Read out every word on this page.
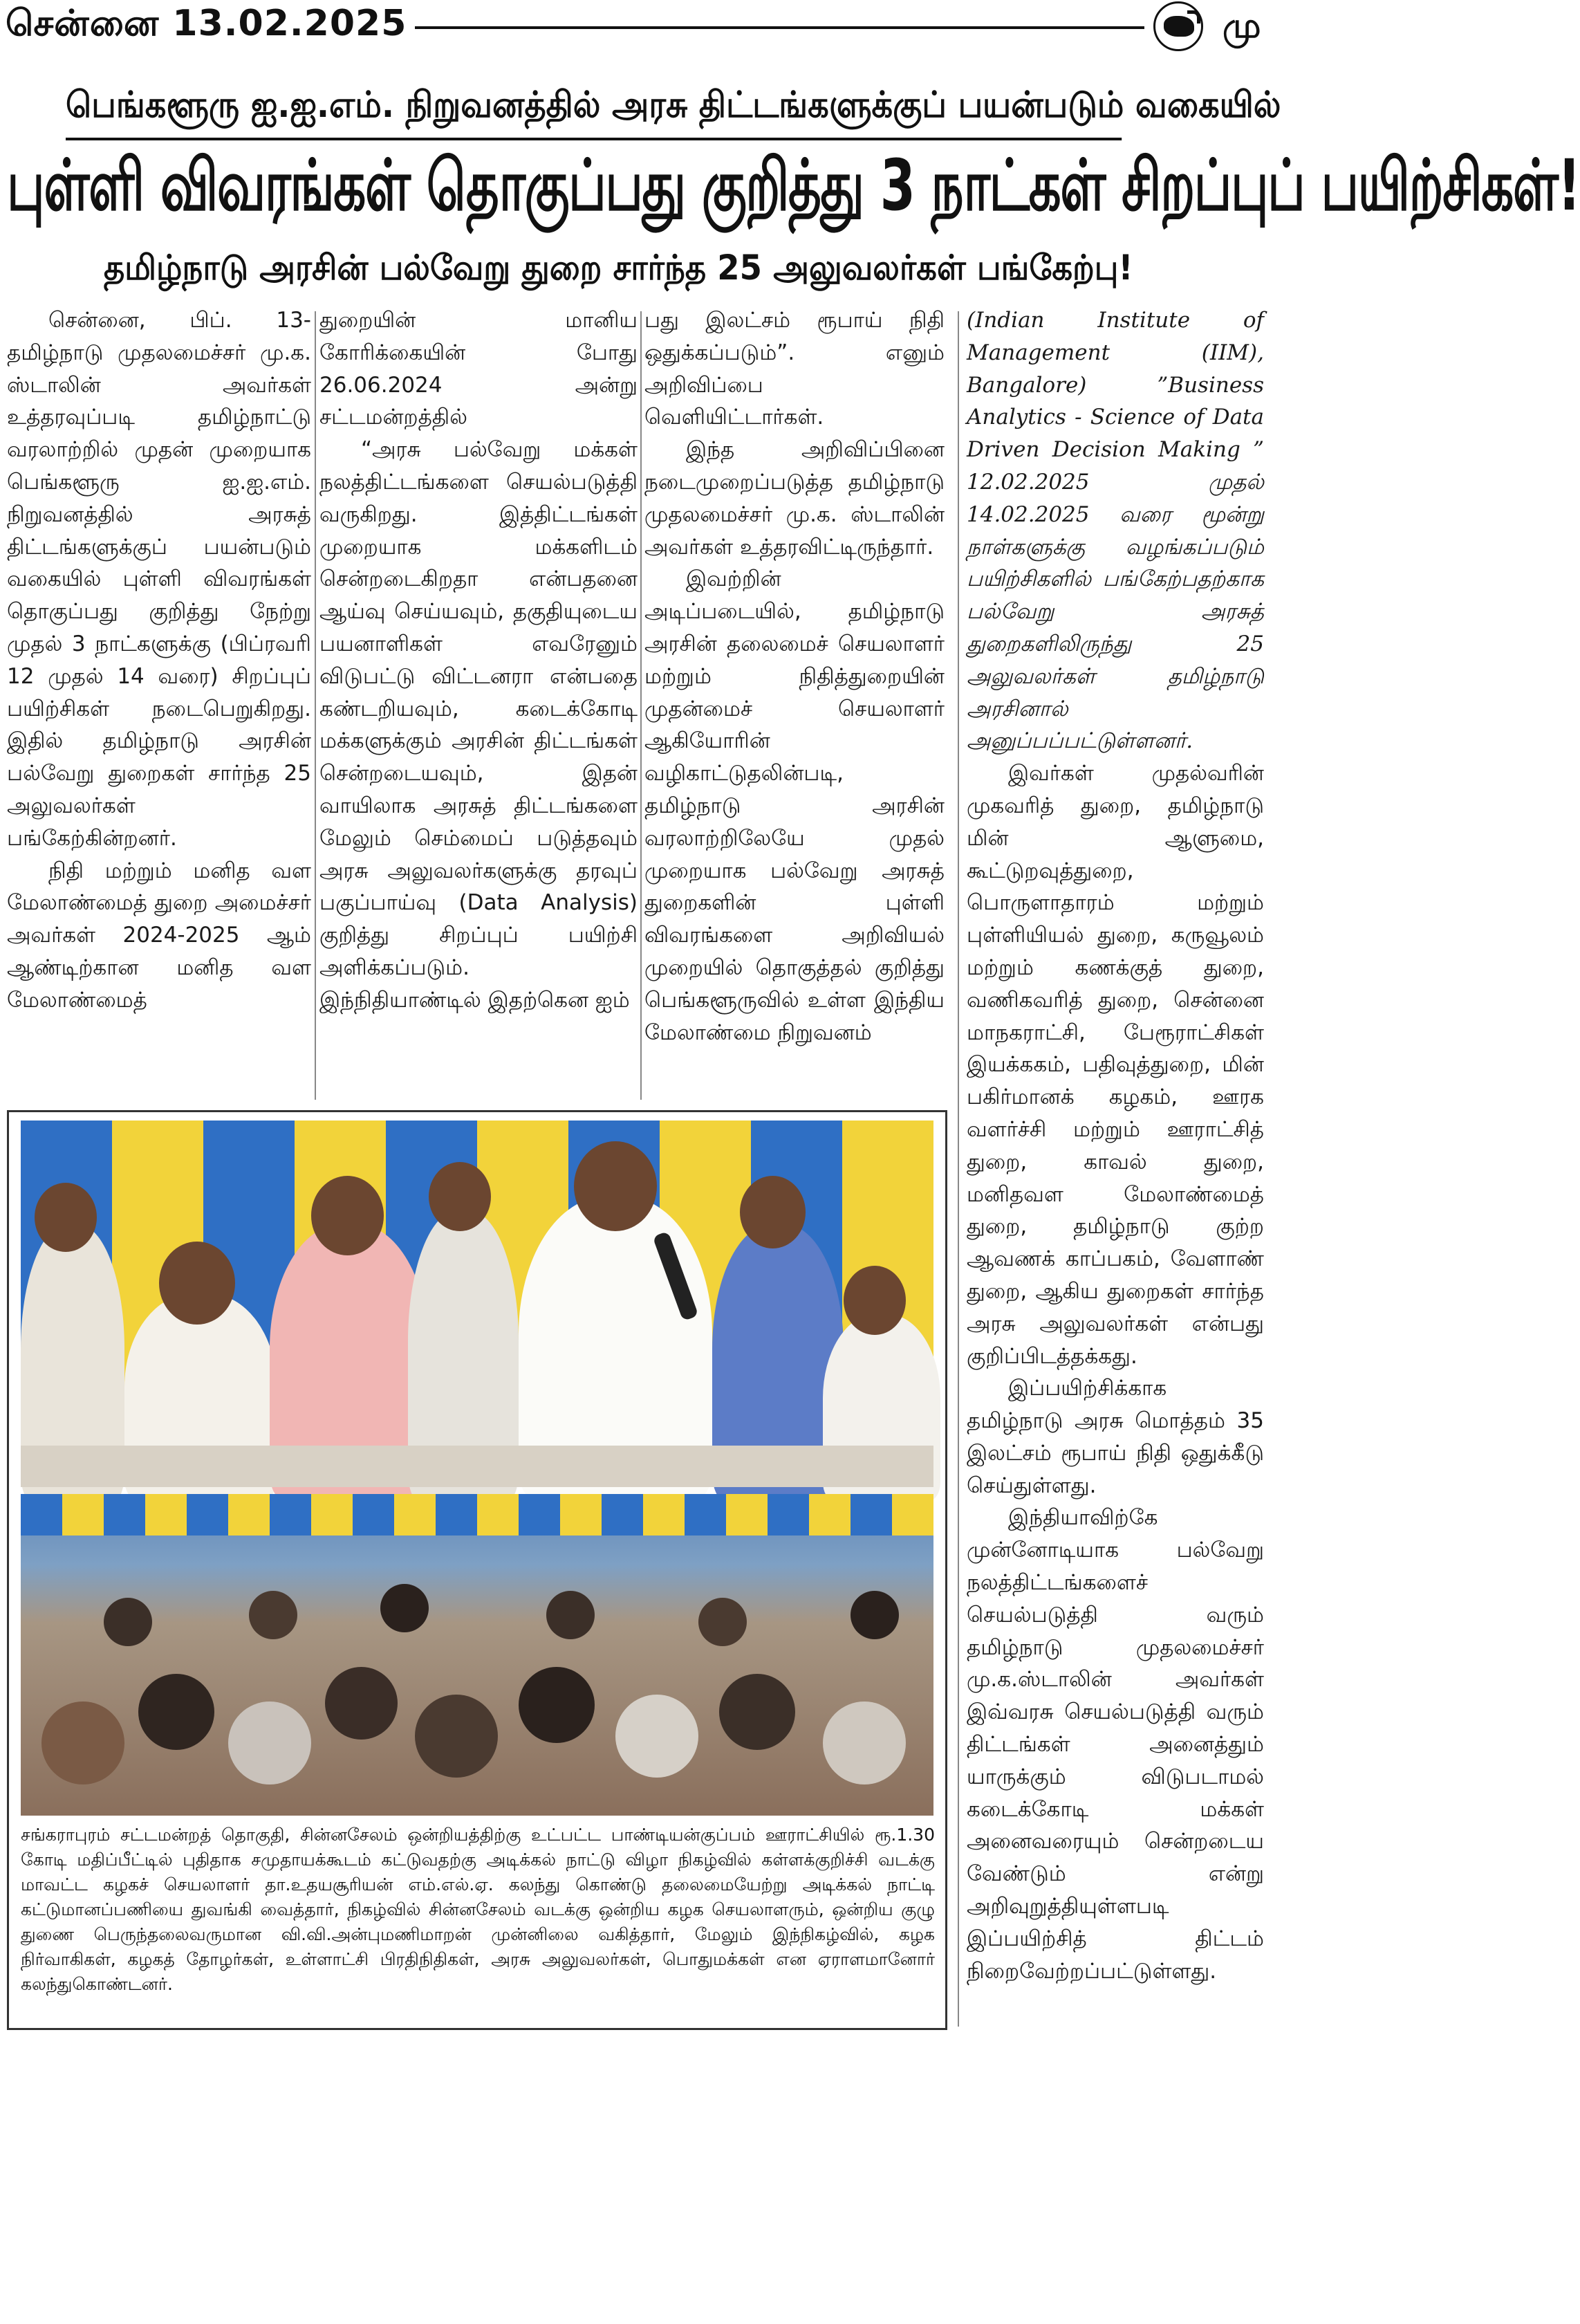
சென்னை 13.02.2025	மு
பெங்களூரு ஐ.ஐ.எம். நிறுவனத்தில் அரசு திட்டங்களுக்குப் பயன்படும் வகையில்
புள்ளி விவரங்கள் தொகுப்பது குறித்து 3 நாட்கள் சிறப்புப் பயிற்சிகள்!
தமிழ்நாடு அரசின் பல்வேறு துறை சார்ந்த 25 அலுவலர்கள் பங்கேற்பு!

சென்னை, பிப். 13- தமிழ்நாடு முதலமைச்சர் மு.க. ஸ்டாலின் அவர்கள் உத்தரவுப்படி தமிழ்நாட்டு வரலாற்றில் முதன் முறையாக பெங்களூரு ஐ.ஐ.எம். நிறுவனத்தில் அரசுத் திட்டங்களுக்குப் பயன்படும் வகையில் புள்ளி விவரங்கள் தொகுப்பது குறித்து நேற்று முதல் 3 நாட்களுக்கு (பிப்ரவரி 12 முதல் 14 வரை) சிறப்புப் பயிற்சிகள் நடைபெறுகிறது. இதில் தமிழ்நாடு அரசின் பல்வேறு துறைகள் சார்ந்த 25 அலுவலர்கள் பங்கேற்கின்றனர்.

நிதி மற்றும் மனித வள மேலாண்மைத் துறை அமைச்சர் அவர்கள் 2024-2025 ஆம் ஆண்டிற்கான மனித வள மேலாண்மைத்

துறையின் மானிய கோரிக்கையின் போது 26.06.2024 அன்று சட்டமன்றத்தில்

“அரசு பல்வேறு மக்கள் நலத்திட்டங்களை செயல்படுத்தி வருகிறது. இத்திட்டங்கள் முறையாக மக்களிடம் சென்றடைகிறதா என்பதனை ஆய்வு செய்யவும், தகுதியுடைய பயனாளிகள் எவரேனும் விடுபட்டு விட்டனரா என்பதை கண்டறியவும், கடைக்கோடி மக்களுக்கும் அரசின் திட்டங்கள் சென்றடையவும், இதன் வாயிலாக அரசுத் திட்டங்களை மேலும் செம்மைப் படுத்தவும் அரசு அலுவலர்களுக்கு தரவுப் பகுப்பாய்வு (Data Analysis) குறித்து சிறப்புப் பயிற்சி அளிக்கப்படும். இந்நிதியாண்டில் இதற்கென ஐம்

பது இலட்சம் ரூபாய் நிதி ஒதுக்கப்படும்”. எனும் அறிவிப்பை வெளியிட்டார்கள்.

இந்த அறிவிப்பினை நடைமுறைப்படுத்த தமிழ்நாடு முதலமைச்சர் மு.க. ஸ்டாலின் அவர்கள் உத்தரவிட்டிருந்தார்.

இவற்றின் அடிப்படையில், தமிழ்நாடு அரசின் தலைமைச் செயலாளர் மற்றும் நிதித்துறையின் முதன்மைச் செயலாளர் ஆகியோரின் வழிகாட்டுதலின்படி, தமிழ்நாடு அரசின் வரலாற்றிலேயே முதல் முறையாக பல்வேறு அரசுத் துறைகளின் புள்ளி விவரங்களை அறிவியல் முறையில் தொகுத்தல் குறித்து பெங்களூருவில் உள்ள இந்திய மேலாண்மை நிறுவனம்

(Indian Institute of Management (IIM), Bangalore) ”Business Analytics - Science of Data Driven Decision Making ” 12.02.2025 முதல் 14.02.2025 வரை மூன்று நாள்களுக்கு வழங்கப்படும் பயிற்சிகளில் பங்கேற்பதற்காக பல்வேறு அரசுத் துறைகளிலிருந்து 25 அலுவலர்கள் தமிழ்நாடு அரசினால் அனுப்பப்பட்டுள்ளனர்.

இவர்கள் முதல்வரின் முகவரித் துறை, தமிழ்நாடு மின் ஆளுமை, கூட்டுறவுத்துறை, பொருளாதாரம் மற்றும் புள்ளியியல் துறை, கருவூலம் மற்றும் கணக்குத் துறை, வணிகவரித் துறை, சென்னை மாநகராட்சி, பேரூராட்சிகள் இயக்ககம், பதிவுத்துறை, மின் பகிர்மானக் கழகம், ஊரக வளர்ச்சி மற்றும் ஊராட்சித் துறை, காவல் துறை, மனிதவள மேலாண்மைத் துறை, தமிழ்நாடு குற்ற ஆவணக் காப்பகம், வேளாண் துறை, ஆகிய துறைகள் சார்ந்த அரசு அலுவலர்கள் என்பது குறிப்பிடத்தக்கது.

இப்பயிற்சிக்காக தமிழ்நாடு அரசு மொத்தம் 35 இலட்சம் ரூபாய் நிதி ஒதுக்கீடு செய்துள்ளது.

இந்தியாவிற்கே முன்னோடியாக பல்வேறு நலத்திட்டங்களைச் செயல்படுத்தி வரும் தமிழ்நாடு முதலமைச்சர் மு.க.ஸ்டாலின் அவர்கள் இவ்வரசு செயல்படுத்தி வரும் திட்டங்கள் அனைத்தும் யாருக்கும் விடுபடாமல் கடைக்கோடி மக்கள் அனைவரையும் சென்றடைய வேண்டும் என்று அறிவுறுத்தியுள்ளபடி இப்பயிற்சித் திட்டம் நிறைவேற்றப்பட்டுள்ளது.

சங்கராபுரம் சட்டமன்றத் தொகுதி, சின்னசேலம் ஒன்றியத்திற்கு உட்பட்ட பாண்டியன்குப்பம் ஊராட்சியில் ரூ.1.30 கோடி மதிப்பீட்டில் புதிதாக சமுதாயக்கூடம் கட்டுவதற்கு அடிக்கல் நாட்டு விழா நிகழ்வில் கள்ளக்குறிச்சி வடக்கு மாவட்ட கழகச் செயலாளர் தா.உதயசூரியன் எம்.எல்.ஏ. கலந்து கொண்டு தலைமையேற்று அடிக்கல் நாட்டி கட்டுமானப்பணியை துவங்கி வைத்தார், நிகழ்வில் சின்னசேலம் வடக்கு ஒன்றிய கழக செயலாளரும், ஒன்றிய குழு துணை பெருந்தலைவருமான வி.வி.அன்புமணிமாறன் முன்னிலை வகித்தார், மேலும் இந்நிகழ்வில், கழக நிர்வாகிகள், கழகத் தோழர்கள், உள்ளாட்சி பிரதிநிதிகள், அரசு அலுவலர்கள், பொதுமக்கள் என ஏராளமானோர் கலந்துகொண்டனர்.
